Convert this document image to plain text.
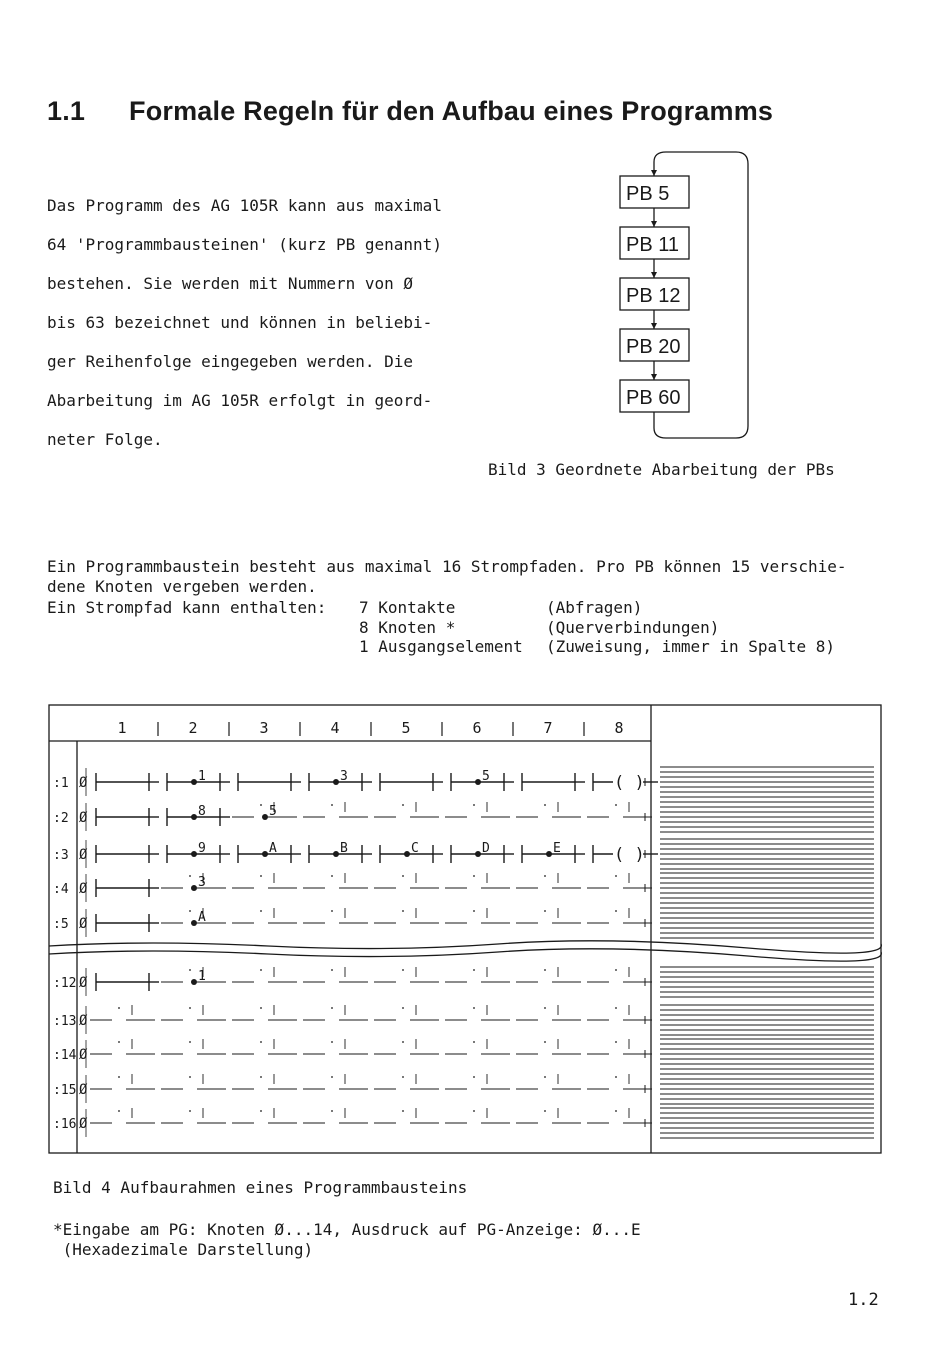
1.1 Formale Regeln für den Aufbau eines Programms

Das Programm des AG 105R kann aus maximal

64 'Programmbausteinen' (kurz PB genannt)

bestehen. Sie werden mit Nummern von Ø

bis 63 bezeichnet und können in beliebi-

ger Reihenfolge eingegeben werden. Die

Abarbeitung im AG 105R erfolgt in geord-

neter Folge.

PB 5
PB 11
PB 12
PB 20
PB 60
Bild 3 Geordnete Abarbeitung der PBs
Ein Programmbaustein besteht aus maximal 16 Strompfaden. Pro PB können 15 verschie-
dene Knoten vergeben werden.
Ein Strompfad kann enthalten:	7 Kontakte	(Abfragen)
8 Knoten *	(Querverbindungen)
1 Ausgangselement	(Zuweisung, immer in Spalte 8)
1	2	3	4	5	6	7	8
:1 Ø	( )
:2 Ø
:3 Ø	( )
:4 Ø
:5 Ø
:12 Ø
:13 Ø
:14 Ø
:15 Ø
:16 Ø
1	3	5
8	5
9	A	B	C	D	E
3
A
1
Bild 4 Aufbaurahmen eines Programmbausteins
*Eingabe am PG: Knoten Ø...14, Ausdruck auf PG-Anzeige: Ø...E
(Hexadezimale Darstellung)
1.2
